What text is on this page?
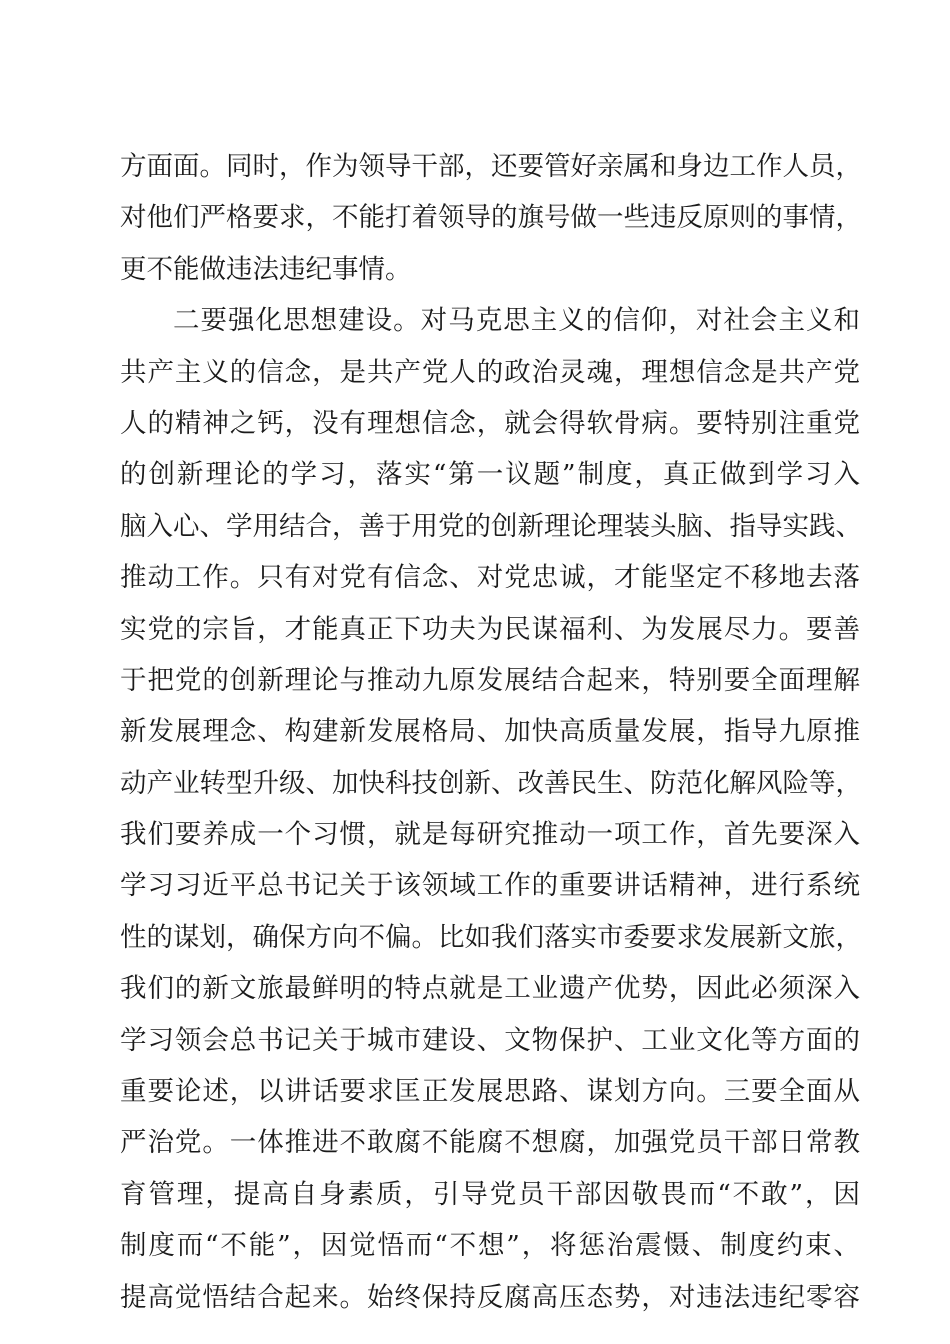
方面面。同时，作为领导干部，还要管好亲属和身边工作人员，
对他们严格要求，不能打着领导的旗号做一些违反原则的事情，
更不能做违法违纪事情。
二要强化思想建设。对马克思主义的信仰，对社会主义和
共产主义的信念，是共产党人的政治灵魂，理想信念是共产党
人的精神之钙，没有理想信念，就会得软骨病。要特别注重党
的创新理论的学习，落实“第一议题”制度，真正做到学习入
脑入心、学用结合，善于用党的创新理论理装头脑、指导实践、
推动工作。只有对党有信念、对党忠诚，才能坚定不移地去落
实党的宗旨，才能真正下功夫为民谋福利、为发展尽力。要善
于把党的创新理论与推动九原发展结合起来，特别要全面理解
新发展理念、构建新发展格局、加快高质量发展，指导九原推
动产业转型升级、加快科技创新、改善民生、防范化解风险等，
我们要养成一个习惯，就是每研究推动一项工作，首先要深入
学习习近平总书记关于该领域工作的重要讲话精神，进行系统
性的谋划，确保方向不偏。比如我们落实市委要求发展新文旅，
我们的新文旅最鲜明的特点就是工业遗产优势，因此必须深入
学习领会总书记关于城市建设、文物保护、工业文化等方面的
重要论述，以讲话要求匡正发展思路、谋划方向。三要全面从
严治党。一体推进不敢腐不能腐不想腐，加强党员干部日常教
育管理，提高自身素质，引导党员干部因敬畏而“不敢”，因
制度而“不能”，因觉悟而“不想”，将惩治震慑、制度约束、
提高觉悟结合起来。始终保持反腐高压态势，对违法违纪零容
